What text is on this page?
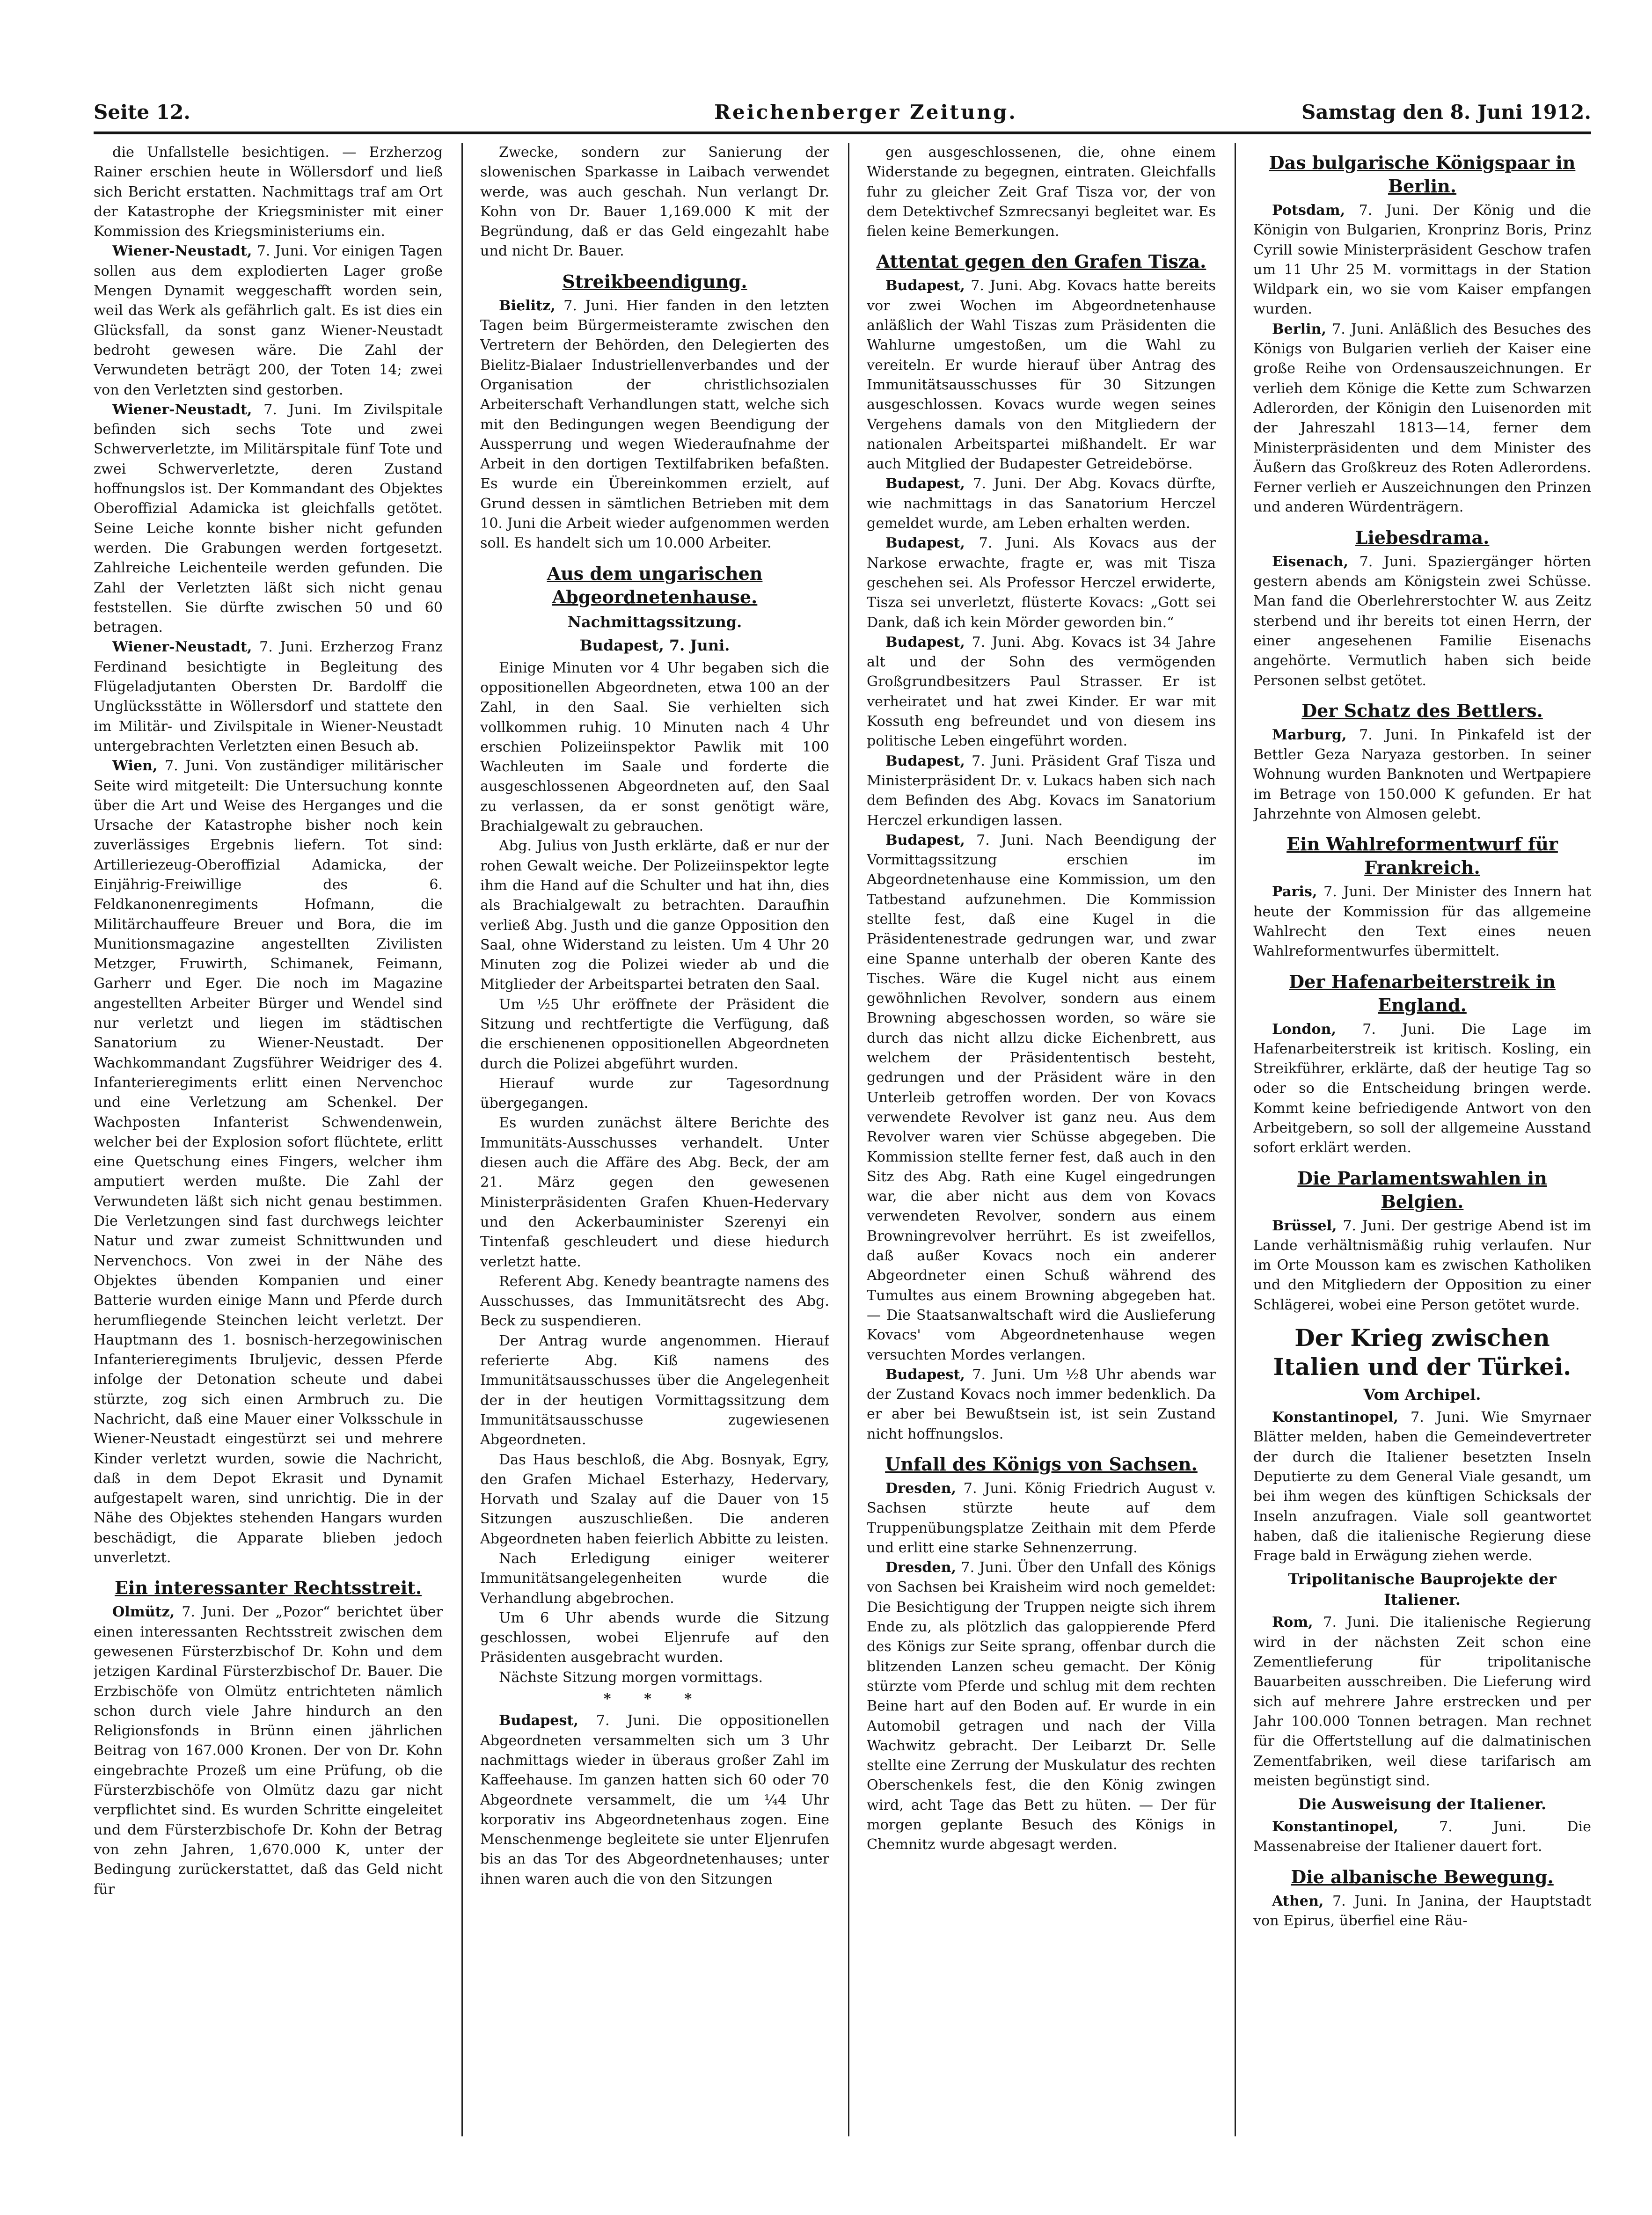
Seite 12.	Reichenberger Zeitung.	Samstag den 8. Juni 1912.

die Unfallstelle besichtigen. — Erzherzog Rainer erschien heute in Wöllersdorf und ließ sich Bericht erstatten. Nachmittags traf am Ort der Katastrophe der Kriegsminister mit einer Kommission des Kriegsministeriums ein.

Wiener-Neustadt, 7. Juni. Vor einigen Tagen sollen aus dem explodierten Lager große Mengen Dynamit weggeschafft worden sein, weil das Werk als gefährlich galt. Es ist dies ein Glücksfall, da sonst ganz Wiener-Neustadt bedroht gewesen wäre. Die Zahl der Verwundeten beträgt 200, der Toten 14; zwei von den Verletzten sind gestorben.

Wiener-Neustadt, 7. Juni. Im Zivilspitale befinden sich sechs Tote und zwei Schwerverletzte, im Militärspitale fünf Tote und zwei Schwerverletzte, deren Zustand hoffnungslos ist. Der Kommandant des Objektes Oberoffizial Adamicka ist gleichfalls getötet. Seine Leiche konnte bisher nicht gefunden werden. Die Grabungen werden fortgesetzt. Zahlreiche Leichenteile werden gefunden. Die Zahl der Verletzten läßt sich nicht genau feststellen. Sie dürfte zwischen 50 und 60 betragen.

Wiener-Neustadt, 7. Juni. Erzherzog Franz Ferdinand besichtigte in Begleitung des Flügeladjutanten Obersten Dr. Bardolff die Unglücksstätte in Wöllersdorf und stattete den im Militär- und Zivilspitale in Wiener-Neustadt untergebrachten Verletzten einen Besuch ab.

Wien, 7. Juni. Von zuständiger militärischer Seite wird mitgeteilt: Die Untersuchung konnte über die Art und Weise des Herganges und die Ursache der Katastrophe bisher noch kein zuverlässiges Ergebnis liefern. Tot sind: Artilleriezeug-Oberoffizial Adamicka, der Einjährig-Freiwillige des 6. Feldkanonenregiments Hofmann, die Militärchauffeure Breuer und Bora, die im Munitionsmagazine angestellten Zivilisten Metzger, Fruwirth, Schimanek, Feimann, Garherr und Eger. Die noch im Magazine angestellten Arbeiter Bürger und Wendel sind nur verletzt und liegen im städtischen Sanatorium zu Wiener-Neustadt. Der Wachkommandant Zugsführer Weidriger des 4. Infanterieregiments erlitt einen Nervenchoc und eine Verletzung am Schenkel. Der Wachposten Infanterist Schwendenwein, welcher bei der Explosion sofort flüchtete, erlitt eine Quetschung eines Fingers, welcher ihm amputiert werden mußte. Die Zahl der Verwundeten läßt sich nicht genau bestimmen. Die Verletzungen sind fast durchwegs leichter Natur und zwar zumeist Schnittwunden und Nervenchocs. Von zwei in der Nähe des Objektes übenden Kompanien und einer Batterie wurden einige Mann und Pferde durch herumfliegende Steinchen leicht verletzt. Der Hauptmann des 1. bosnisch-herzegowinischen Infanterieregiments Ibruljevic, dessen Pferde infolge der Detonation scheute und dabei stürzte, zog sich einen Armbruch zu. Die Nachricht, daß eine Mauer einer Volksschule in Wiener-Neustadt eingestürzt sei und mehrere Kinder verletzt wurden, sowie die Nachricht, daß in dem Depot Ekrasit und Dynamit aufgestapelt waren, sind unrichtig. Die in der Nähe des Objektes stehenden Hangars wurden beschädigt, die Apparate blieben jedoch unverletzt.

Ein interessanter Rechtsstreit.

Olmütz, 7. Juni. Der „Pozor“ berichtet über einen interessanten Rechtsstreit zwischen dem gewesenen Fürsterzbischof Dr. Kohn und dem jetzigen Kardinal Fürsterzbischof Dr. Bauer. Die Erzbischöfe von Olmütz entrichteten nämlich schon durch viele Jahre hindurch an den Religionsfonds in Brünn einen jährlichen Beitrag von 167.000 Kronen. Der von Dr. Kohn eingebrachte Prozeß um eine Prüfung, ob die Fürsterzbischöfe von Olmütz dazu gar nicht verpflichtet sind. Es wurden Schritte eingeleitet und dem Fürsterzbischofe Dr. Kohn der Betrag von zehn Jahren, 1,670.000 K, unter der Bedingung zurückerstattet, daß das Geld nicht für

Zwecke, sondern zur Sanierung der slowenischen Sparkasse in Laibach verwendet werde, was auch geschah. Nun verlangt Dr. Kohn von Dr. Bauer 1,169.000 K mit der Begründung, daß er das Geld eingezahlt habe und nicht Dr. Bauer.

Streikbeendigung.

Bielitz, 7. Juni. Hier fanden in den letzten Tagen beim Bürgermeisteramte zwischen den Vertretern der Behörden, den Delegierten des Bielitz-Bialaer Industriellenverbandes und der Organisation der christlichsozialen Arbeiterschaft Verhandlungen statt, welche sich mit den Bedingungen wegen Beendigung der Aussperrung und wegen Wiederaufnahme der Arbeit in den dortigen Textilfabriken befaßten. Es wurde ein Übereinkommen erzielt, auf Grund dessen in sämtlichen Betrieben mit dem 10. Juni die Arbeit wieder aufgenommen werden soll. Es handelt sich um 10.000 Arbeiter.

Aus dem ungarischen Abgeordnetenhause.
Nachmittagssitzung.
Budapest, 7. Juni.

Einige Minuten vor 4 Uhr begaben sich die oppositionellen Abgeordneten, etwa 100 an der Zahl, in den Saal. Sie verhielten sich vollkommen ruhig. 10 Minuten nach 4 Uhr erschien Polizeiinspektor Pawlik mit 100 Wachleuten im Saale und forderte die ausgeschlossenen Abgeordneten auf, den Saal zu verlassen, da er sonst genötigt wäre, Brachialgewalt zu gebrauchen.

Abg. Julius von Justh erklärte, daß er nur der rohen Gewalt weiche. Der Polizeiinspektor legte ihm die Hand auf die Schulter und hat ihn, dies als Brachialgewalt zu betrachten. Daraufhin verließ Abg. Justh und die ganze Opposition den Saal, ohne Widerstand zu leisten. Um 4 Uhr 20 Minuten zog die Polizei wieder ab und die Mitglieder der Arbeitspartei betraten den Saal.

Um ½5 Uhr eröffnete der Präsident die Sitzung und rechtfertigte die Verfügung, daß die erschienenen oppositionellen Abgeordneten durch die Polizei abgeführt wurden.

Hierauf wurde zur Tagesordnung übergegangen.

Es wurden zunächst ältere Berichte des Immunitäts-Ausschusses verhandelt. Unter diesen auch die Affäre des Abg. Beck, der am 21. März gegen den gewesenen Ministerpräsidenten Grafen Khuen-Hedervary und den Ackerbauminister Szerenyi ein Tintenfaß geschleudert und diese hiedurch verletzt hatte.

Referent Abg. Kenedy beantragte namens des Ausschusses, das Immunitätsrecht des Abg. Beck zu suspendieren.

Der Antrag wurde angenommen. Hierauf referierte Abg. Kiß namens des Immunitätsausschusses über die Angelegenheit der in der heutigen Vormittagssitzung dem Immunitätsausschusse zugewiesenen Abgeordneten.

Das Haus beschloß, die Abg. Bosnyak, Egry, den Grafen Michael Esterhazy, Hedervary, Horvath und Szalay auf die Dauer von 15 Sitzungen auszuschließen. Die anderen Abgeordneten haben feierlich Abbitte zu leisten.

Nach Erledigung einiger weiterer Immunitätsangelegenheiten wurde die Verhandlung abgebrochen.

Um 6 Uhr abends wurde die Sitzung geschlossen, wobei Eljenrufe auf den Präsidenten ausgebracht wurden.

Nächste Sitzung morgen vormittags.

* * *

Budapest, 7. Juni. Die oppositionellen Abgeordneten versammelten sich um 3 Uhr nachmittags wieder in überaus großer Zahl im Kaffeehause. Im ganzen hatten sich 60 oder 70 Abgeordnete versammelt, die um ¼4 Uhr korporativ ins Abgeordnetenhaus zogen. Eine Menschenmenge begleitete sie unter Eljenrufen bis an das Tor des Abgeordnetenhauses; unter ihnen waren auch die von den Sitzungen

gen ausgeschlossenen, die, ohne einem Widerstande zu begegnen, eintraten. Gleichfalls fuhr zu gleicher Zeit Graf Tisza vor, der von dem Detektivchef Szmrecsanyi begleitet war. Es fielen keine Bemerkungen.

Attentat gegen den Grafen Tisza.

Budapest, 7. Juni. Abg. Kovacs hatte bereits vor zwei Wochen im Abgeordnetenhause anläßlich der Wahl Tiszas zum Präsidenten die Wahlurne umgestoßen, um die Wahl zu vereiteln. Er wurde hierauf über Antrag des Immunitätsausschusses für 30 Sitzungen ausgeschlossen. Kovacs wurde wegen seines Vergehens damals von den Mitgliedern der nationalen Arbeitspartei mißhandelt. Er war auch Mitglied der Budapester Getreidebörse.

Budapest, 7. Juni. Der Abg. Kovacs dürfte, wie nachmittags in das Sanatorium Herczel gemeldet wurde, am Leben erhalten werden.

Budapest, 7. Juni. Als Kovacs aus der Narkose erwachte, fragte er, was mit Tisza geschehen sei. Als Professor Herczel erwiderte, Tisza sei unverletzt, flüsterte Kovacs: „Gott sei Dank, daß ich kein Mörder geworden bin.“

Budapest, 7. Juni. Abg. Kovacs ist 34 Jahre alt und der Sohn des vermögenden Großgrundbesitzers Paul Strasser. Er ist verheiratet und hat zwei Kinder. Er war mit Kossuth eng befreundet und von diesem ins politische Leben eingeführt worden.

Budapest, 7. Juni. Präsident Graf Tisza und Ministerpräsident Dr. v. Lukacs haben sich nach dem Befinden des Abg. Kovacs im Sanatorium Herczel erkundigen lassen.

Budapest, 7. Juni. Nach Beendigung der Vormittagssitzung erschien im Abgeordnetenhause eine Kommission, um den Tatbestand aufzunehmen. Die Kommission stellte fest, daß eine Kugel in die Präsidentenestrade gedrungen war, und zwar eine Spanne unterhalb der oberen Kante des Tisches. Wäre die Kugel nicht aus einem gewöhnlichen Revolver, sondern aus einem Browning abgeschossen worden, so wäre sie durch das nicht allzu dicke Eichenbrett, aus welchem der Präsidententisch besteht, gedrungen und der Präsident wäre in den Unterleib getroffen worden. Der von Kovacs verwendete Revolver ist ganz neu. Aus dem Revolver waren vier Schüsse abgegeben. Die Kommission stellte ferner fest, daß auch in den Sitz des Abg. Rath eine Kugel eingedrungen war, die aber nicht aus dem von Kovacs verwendeten Revolver, sondern aus einem Browningrevolver herrührt. Es ist zweifellos, daß außer Kovacs noch ein anderer Abgeordneter einen Schuß während des Tumultes aus einem Browning abgegeben hat. — Die Staatsanwaltschaft wird die Auslieferung Kovacs' vom Abgeordnetenhause wegen versuchten Mordes verlangen.

Budapest, 7. Juni. Um ½8 Uhr abends war der Zustand Kovacs noch immer bedenklich. Da er aber bei Bewußtsein ist, ist sein Zustand nicht hoffnungslos.

Unfall des Königs von Sachsen.

Dresden, 7. Juni. König Friedrich August v. Sachsen stürzte heute auf dem Truppenübungsplatze Zeithain mit dem Pferde und erlitt eine starke Sehnenzerrung.

Dresden, 7. Juni. Über den Unfall des Königs von Sachsen bei Kraisheim wird noch gemeldet: Die Besichtigung der Truppen neigte sich ihrem Ende zu, als plötzlich das galoppierende Pferd des Königs zur Seite sprang, offenbar durch die blitzenden Lanzen scheu gemacht. Der König stürzte vom Pferde und schlug mit dem rechten Beine hart auf den Boden auf. Er wurde in ein Automobil getragen und nach der Villa Wachwitz gebracht. Der Leibarzt Dr. Selle stellte eine Zerrung der Muskulatur des rechten Oberschenkels fest, die den König zwingen wird, acht Tage das Bett zu hüten. — Der für morgen geplante Besuch des Königs in Chemnitz wurde abgesagt werden.

Das bulgarische Königspaar in Berlin.

Potsdam, 7. Juni. Der König und die Königin von Bulgarien, Kronprinz Boris, Prinz Cyrill sowie Ministerpräsident Geschow trafen um 11 Uhr 25 M. vormittags in der Station Wildpark ein, wo sie vom Kaiser empfangen wurden.

Berlin, 7. Juni. Anläßlich des Besuches des Königs von Bulgarien verlieh der Kaiser eine große Reihe von Ordensauszeichnungen. Er verlieh dem Könige die Kette zum Schwarzen Adlerorden, der Königin den Luisenorden mit der Jahreszahl 1813—14, ferner dem Ministerpräsidenten und dem Minister des Äußern das Großkreuz des Roten Adlerordens. Ferner verlieh er Auszeichnungen den Prinzen und anderen Würdenträgern.

Liebesdrama.

Eisenach, 7. Juni. Spaziergänger hörten gestern abends am Königstein zwei Schüsse. Man fand die Oberlehrerstochter W. aus Zeitz sterbend und ihr bereits tot einen Herrn, der einer angesehenen Familie Eisenachs angehörte. Vermutlich haben sich beide Personen selbst getötet.

Der Schatz des Bettlers.

Marburg, 7. Juni. In Pinkafeld ist der Bettler Geza Naryaza gestorben. In seiner Wohnung wurden Banknoten und Wertpapiere im Betrage von 150.000 K gefunden. Er hat Jahrzehnte von Almosen gelebt.

Ein Wahlreformentwurf für Frankreich.

Paris, 7. Juni. Der Minister des Innern hat heute der Kommission für das allgemeine Wahlrecht den Text eines neuen Wahlreformentwurfes übermittelt.

Der Hafenarbeiterstreik in England.

London, 7. Juni. Die Lage im Hafenarbeiterstreik ist kritisch. Kosling, ein Streikführer, erklärte, daß der heutige Tag so oder so die Entscheidung bringen werde. Kommt keine befriedigende Antwort von den Arbeitgebern, so soll der allgemeine Ausstand sofort erklärt werden.

Die Parlamentswahlen in Belgien.

Brüssel, 7. Juni. Der gestrige Abend ist im Lande verhältnismäßig ruhig verlaufen. Nur im Orte Mousson kam es zwischen Katholiken und den Mitgliedern der Opposition zu einer Schlägerei, wobei eine Person getötet wurde.

Der Krieg zwischen Italien und der Türkei.
Vom Archipel.

Konstantinopel, 7. Juni. Wie Smyrnaer Blätter melden, haben die Gemeindevertreter der durch die Italiener besetzten Inseln Deputierte zu dem General Viale gesandt, um bei ihm wegen des künftigen Schicksals der Inseln anzufragen. Viale soll geantwortet haben, daß die italienische Regierung diese Frage bald in Erwägung ziehen werde.

Tripolitanische Bauprojekte der Italiener.

Rom, 7. Juni. Die italienische Regierung wird in der nächsten Zeit schon eine Zementlieferung für tripolitanische Bauarbeiten ausschreiben. Die Lieferung wird sich auf mehrere Jahre erstrecken und per Jahr 100.000 Tonnen betragen. Man rechnet für die Offertstellung auf die dalmatinischen Zementfabriken, weil diese tarifarisch am meisten begünstigt sind.

Die Ausweisung der Italiener.

Konstantinopel,	7. Juni. Die Massenabreise der Italiener dauert fort.

Die albanische Bewegung.

Athen, 7. Juni. In Janina, der Hauptstadt von Epirus, überfiel eine Räu-
